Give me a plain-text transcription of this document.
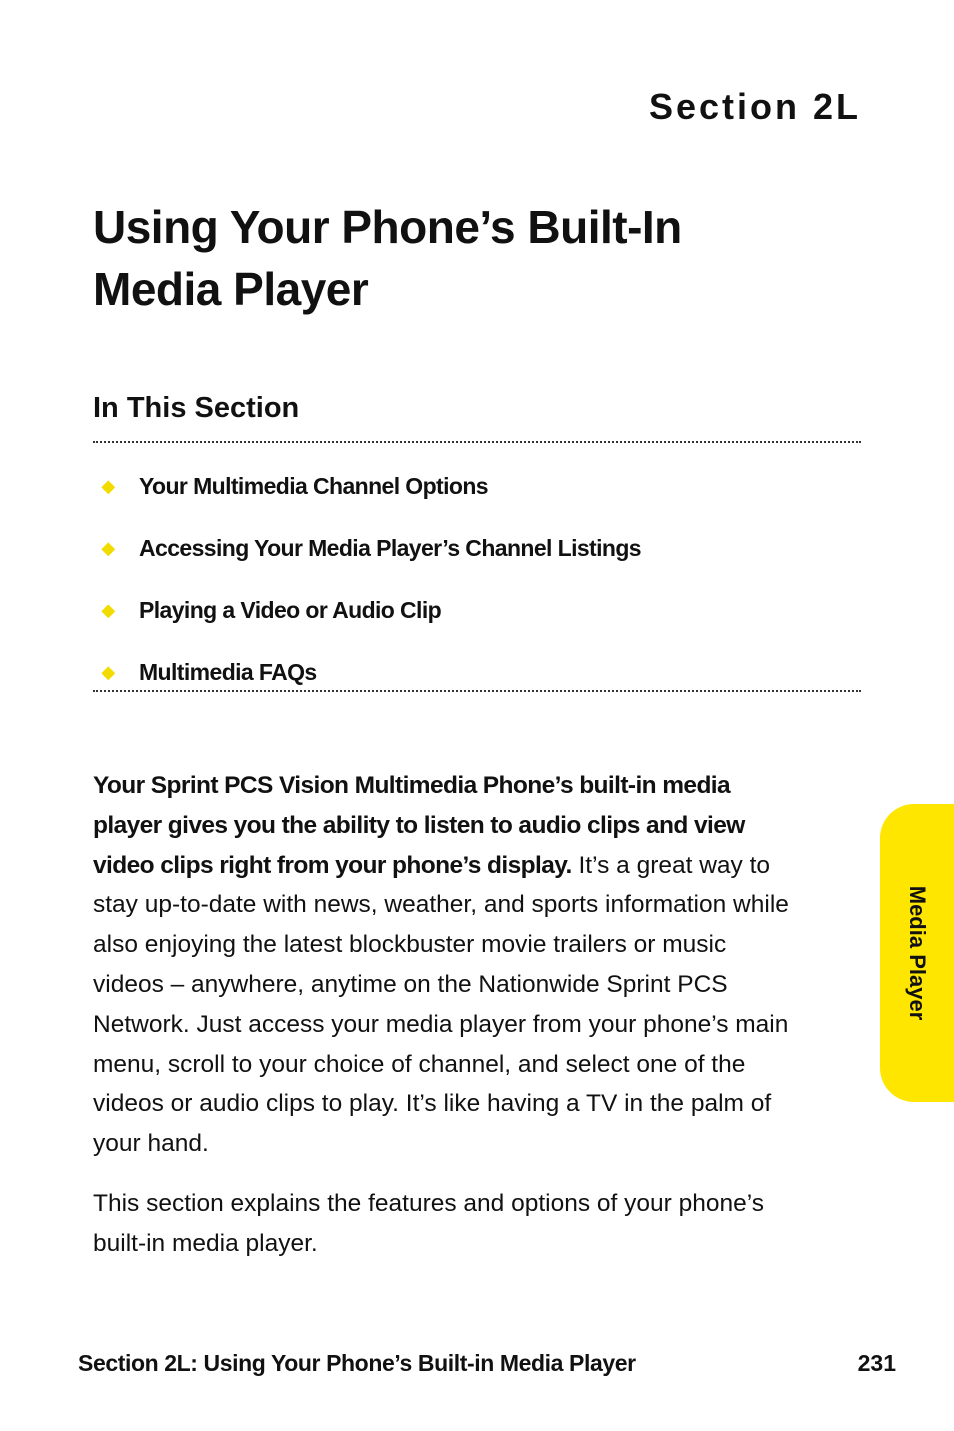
Section 2L
Using Your Phone’s Built-In
Media Player
In This Section
◆ Your Multimedia Channel Options
◆ Accessing Your Media Player’s Channel Listings
◆ Playing a Video or Audio Clip
◆ Multimedia FAQs

Your Sprint PCS Vision Multimedia Phone’s built-in media player gives you the ability to listen to audio clips and view video clips right from your phone’s display. It’s a great way to stay up-to-date with news, weather, and sports information while also enjoying the latest blockbuster movie trailers or music videos – anywhere, anytime on the Nationwide Sprint PCS Network. Just access your media player from your phone’s main menu, scroll to your choice of channel, and select one of the videos or audio clips to play. It’s like having a TV in the palm of your hand.

This section explains the features and options of your phone’s built-in media player.

Media Player
Section 2L: Using Your Phone’s Built-in Media Player	231
